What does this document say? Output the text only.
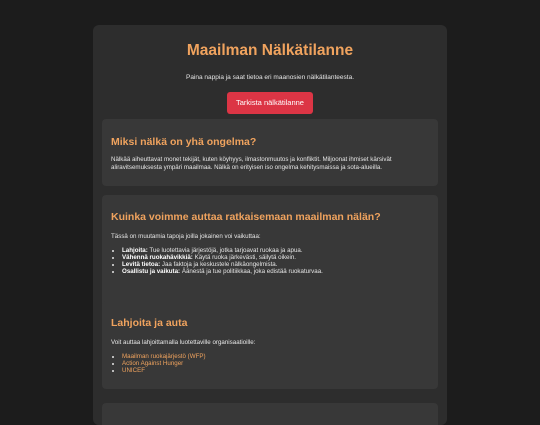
Maailman Nälkätilanne

Paina nappia ja saat tietoa eri maanosien nälkätilanteesta.

Tarkista nälkätilanne
Miksi nälkä on yhä ongelma?

Nälkää aiheuttavat monet tekijät, kuten köyhyys, ilmastonmuutos ja konfliktit. Miljoonat ihmiset kärsivät aliravitsemuksesta ympäri maailmaa. Nälkä on erityisen iso ongelma kehitysmaissa ja sota-alueilla.

Kuinka voimme auttaa ratkaisemaan maailman nälän?

Tässä on muutamia tapoja joilla jokainen voi vaikuttaa:

• Lahjoita: Tue luotettavia järjestöjä, jotka tarjoavat ruokaa ja apua.
• Vähennä ruokahävikkiä: Käytä ruoka järkevästi, säilytä oikein.
• Levitä tietoa: Jaa faktoja ja keskustele nälkäongelmista.
• Osallistu ja vaikuta: Äänestä ja tue politiikkaa, joka edistää ruokaturvaa.
Lahjoita ja auta

Voit auttaa lahjoittamalla luotettaville organisaatioille:

• Maailman ruokajärjestö (WFP)
• Action Against Hunger
• UNICEF
